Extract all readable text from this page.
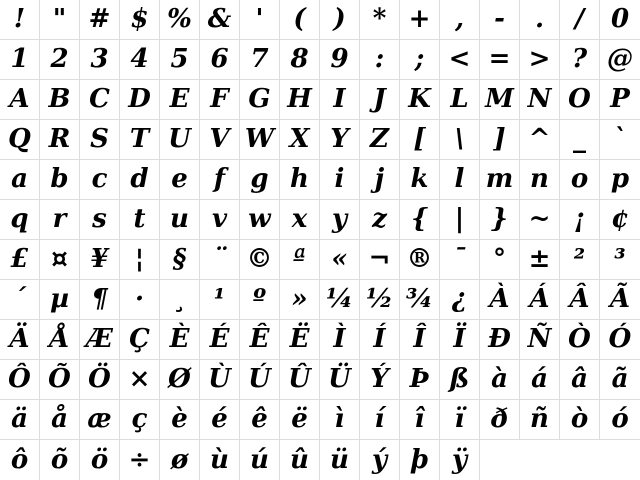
!	" # $ % & '	(	)	* + ,	-	.	/	0
1 2 3 4 5 6 7 8 9	:	; < = > ? @
A B C D E F G H I	J K L M N O P
Q R S T U V W X Y Z [	\	] ^ _	`
a b c d e	f g h i	j	k	l m n o p
q r s	t u v w x y z {	|	} ~ ¡ ¢
£ ¤ ¥	¦	§	¨ © ª « ¬ ® ¯	° ± ²	³
´ µ ¶	·	¸	¹	º » ¼ ½ ¾ ¿ À Á Â Ã
Ä Å Æ Ç È É Ê Ë Ì	Í	Î	Ï Ð Ñ Ò Ó
Ô Õ Ö × Ø Ù Ú Û Ü Ý Þ ß à á â ã
ä å æ ç è é ê ë	ì	í	î	ï	ð ñ ò ó
ô õ ö ÷ ø ù ú û ü ý þ ÿ
